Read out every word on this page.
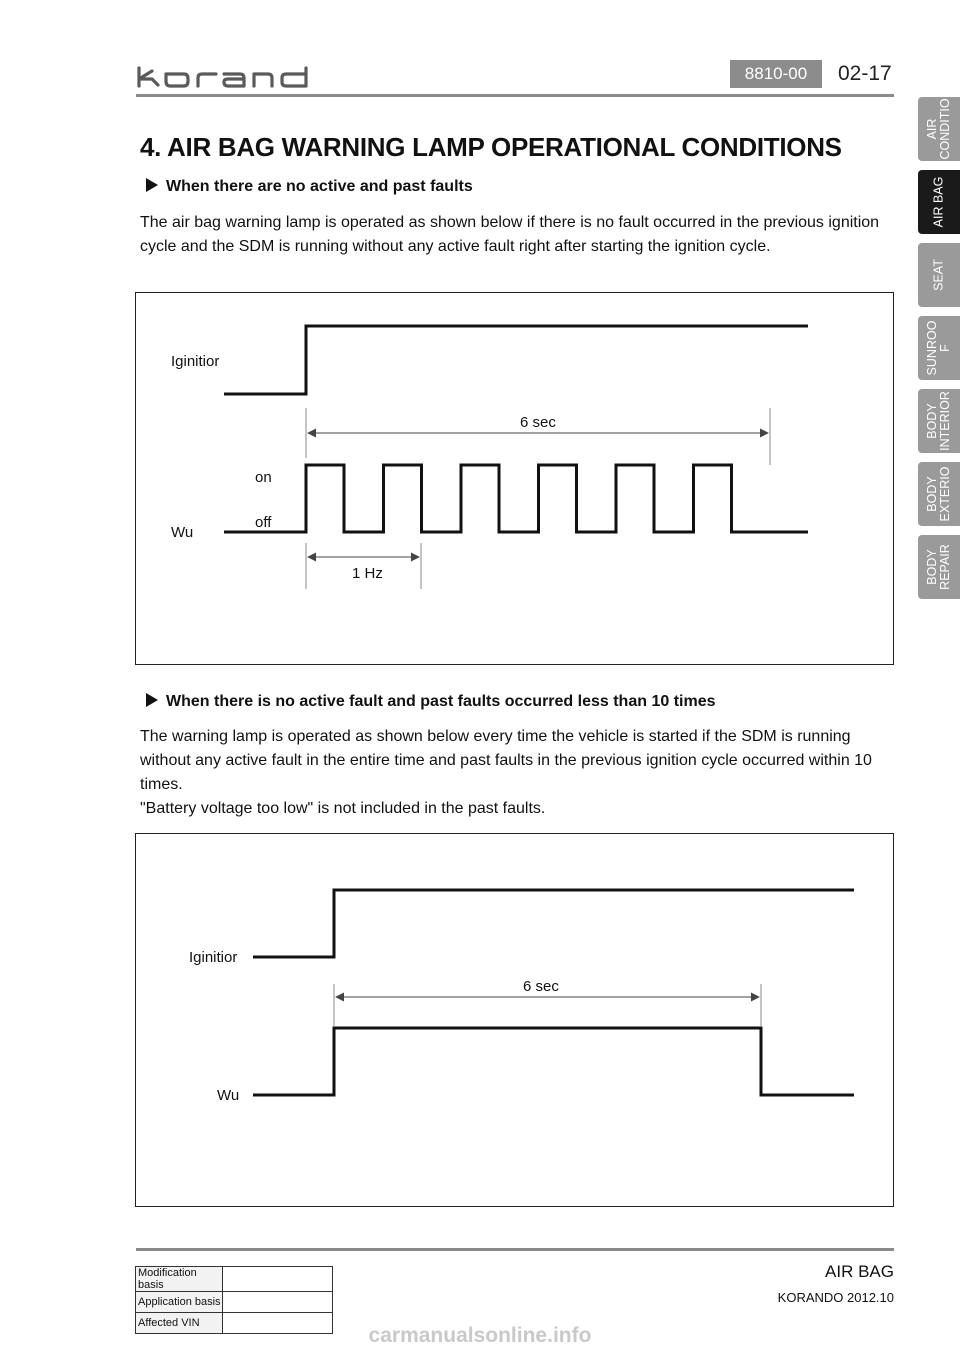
8810-00	02-17
AIR
CONDITIO
AIR BAG
SEAT
SUNROO
F
BODY
INTERIOR
BODY
EXTERIO
BODY
REPAIR
4. AIR BAG WARNING LAMP OPERATIONAL CONDITIONS
When there are no active and past faults
The air bag warning lamp is operated as shown below if there is no fault occurred in the previous ignition
cycle and the SDM is running without any active fault right after starting the ignition cycle.
Iginitior
6 sec
on
off
Wu
1 Hz
When there is no active fault and past faults occurred less than 10 times
The warning lamp is operated as shown below every time the vehicle is started if the SDM is running
without any active fault in the entire time and past faults in the previous ignition cycle occurred within 10
times.
"Battery voltage too low" is not included in the past faults.
Iginitior
6 sec
Wu
Modification basis	
Application basis	
Affected VIN	
AIR BAG
KORANDO 2012.10
carmanualsonline.info
